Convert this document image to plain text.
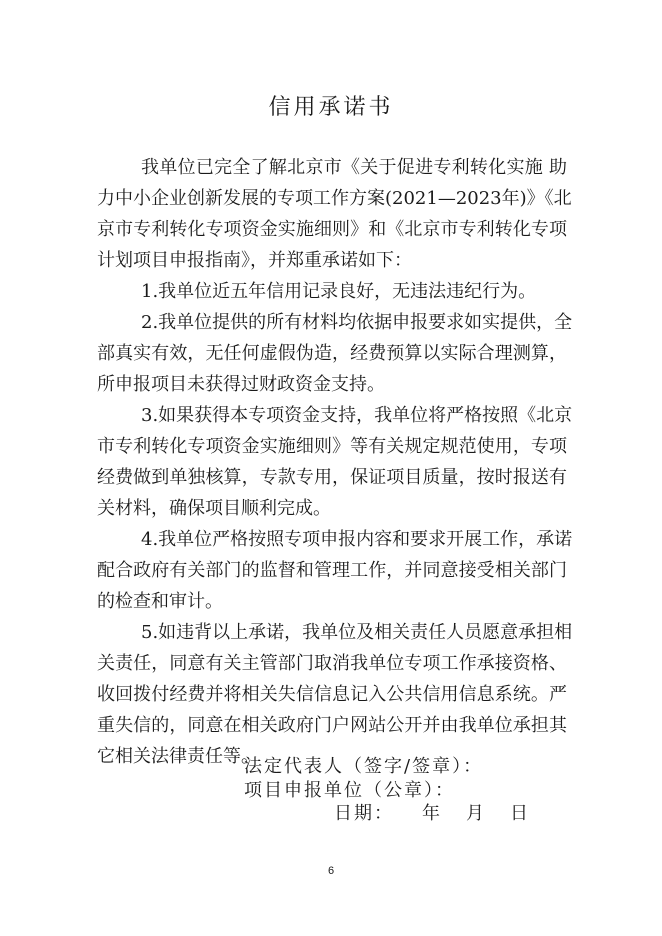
信用承诺书
我单位已完全了解北京市《关于促进专利转化实施 助
力中小企业创新发展的专项工作方案(2021—2023年)》《北
京市专利转化专项资金实施细则》和《北京市专利转化专项
计划项目申报指南》，并郑重承诺如下：
1.我单位近五年信用记录良好，无违法违纪行为。
2.我单位提供的所有材料均依据申报要求如实提供，全
部真实有效，无任何虚假伪造，经费预算以实际合理测算，
所申报项目未获得过财政资金支持。
3.如果获得本专项资金支持，我单位将严格按照《北京
市专利转化专项资金实施细则》等有关规定规范使用，专项
经费做到单独核算，专款专用，保证项目质量，按时报送有
关材料，确保项目顺利完成。
4.我单位严格按照专项申报内容和要求开展工作，承诺
配合政府有关部门的监督和管理工作，并同意接受相关部门
的检查和审计。
5.如违背以上承诺，我单位及相关责任人员愿意承担相
关责任，同意有关主管部门取消我单位专项工作承接资格、
收回拨付经费并将相关失信信息记入公共信用信息系统。严
重失信的，同意在相关政府门户网站公开并由我单位承担其
它相关法律责任等。
法定代表人（签字/签章）：
项目申报单位（公章）：
日期： 年 月 日
6
